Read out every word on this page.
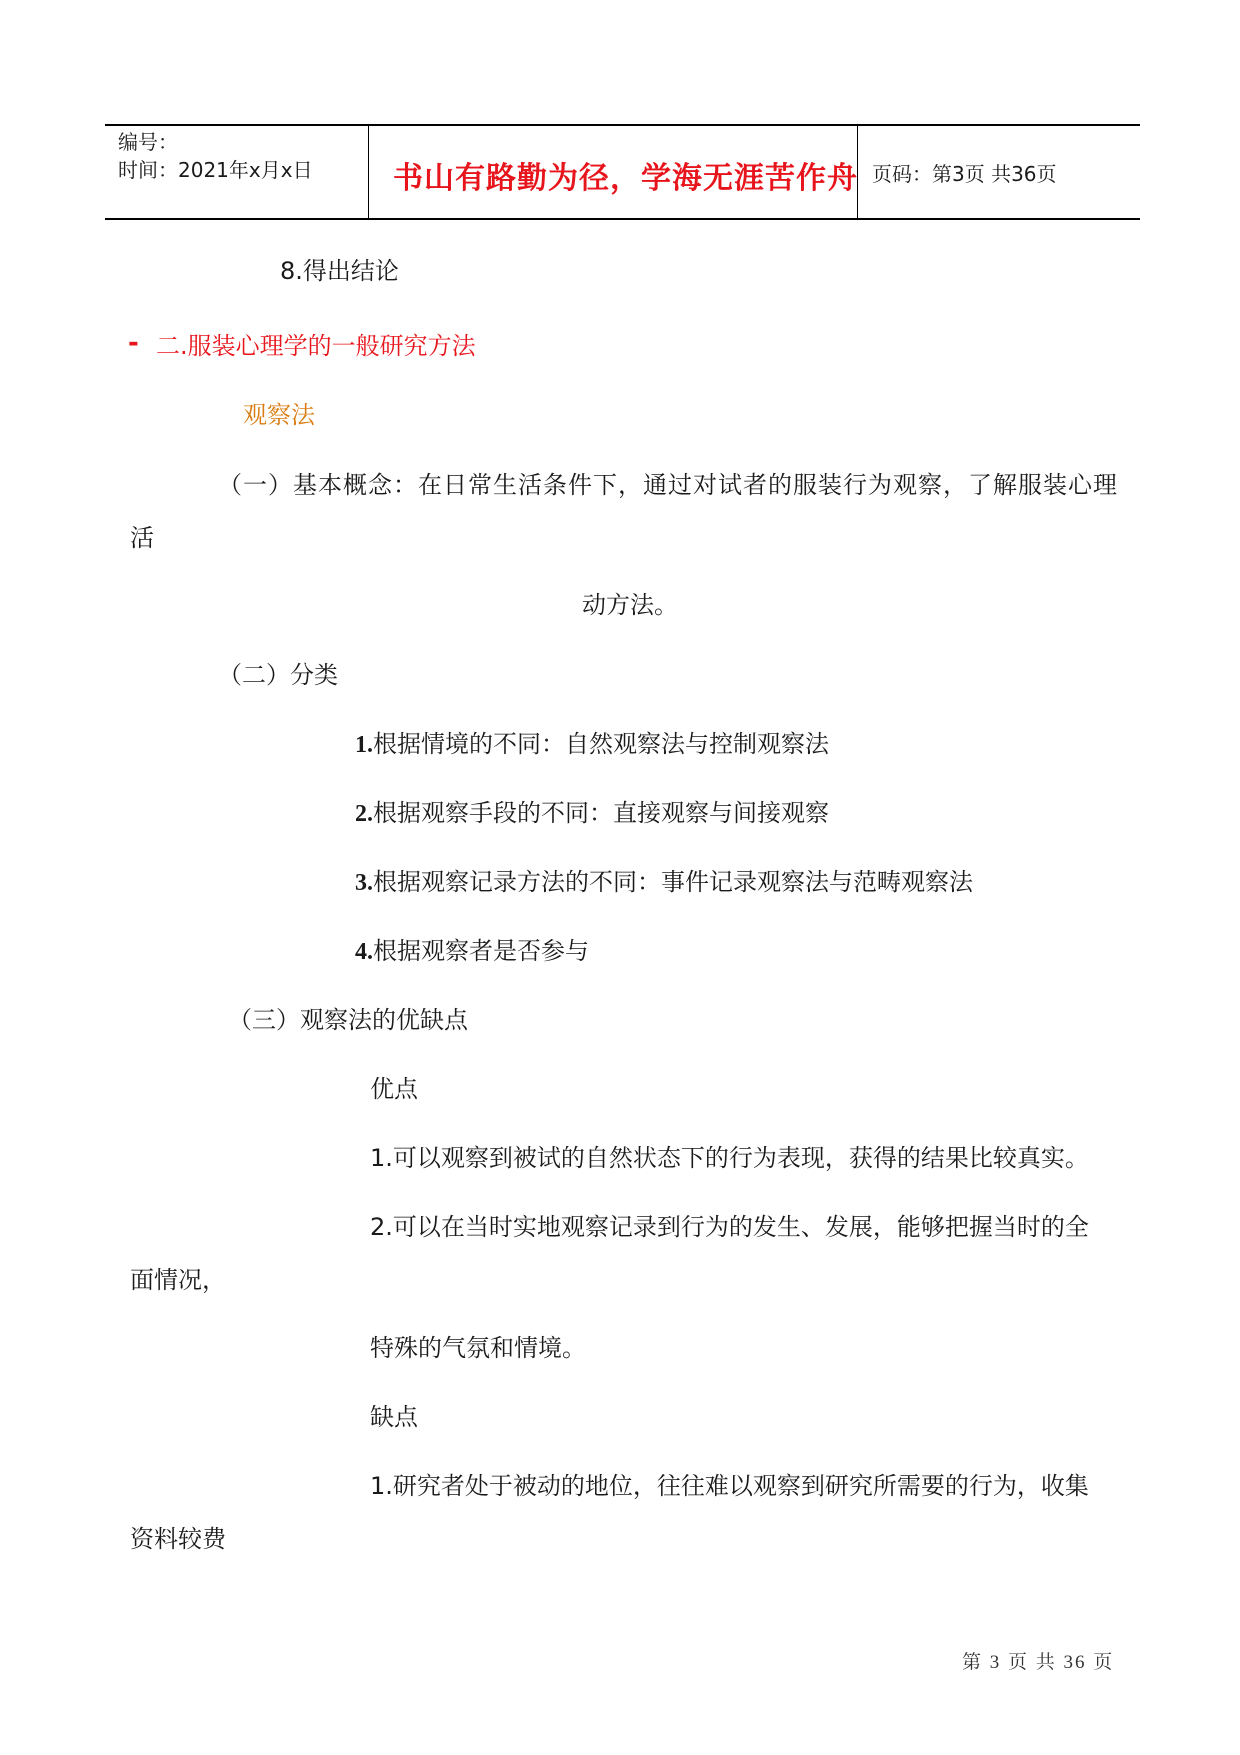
编号：
时间：2021年x月x日	书山有路勤为径，学海无涯苦作舟 页码：第3页 共36页
8.得出结论
- 二.服装心理学的一般研究方法
观察法
（一）基本概念：在日常生活条件下，通过对试者的服装行为观察，了解服装心理
活
动方法。
（二）分类
1.根据情境的不同：自然观察法与控制观察法
2.根据观察手段的不同：直接观察与间接观察
3.根据观察记录方法的不同：事件记录观察法与范畴观察法
4.根据观察者是否参与
（三）观察法的优缺点
优点
1.可以观察到被试的自然状态下的行为表现，获得的结果比较真实。
2.可以在当时实地观察记录到行为的发生、发展，能够把握当时的全
面情况，
特殊的气氛和情境。
缺点
1.研究者处于被动的地位，往往难以观察到研究所需要的行为，收集
资料较费
第 3 页 共 36 页
